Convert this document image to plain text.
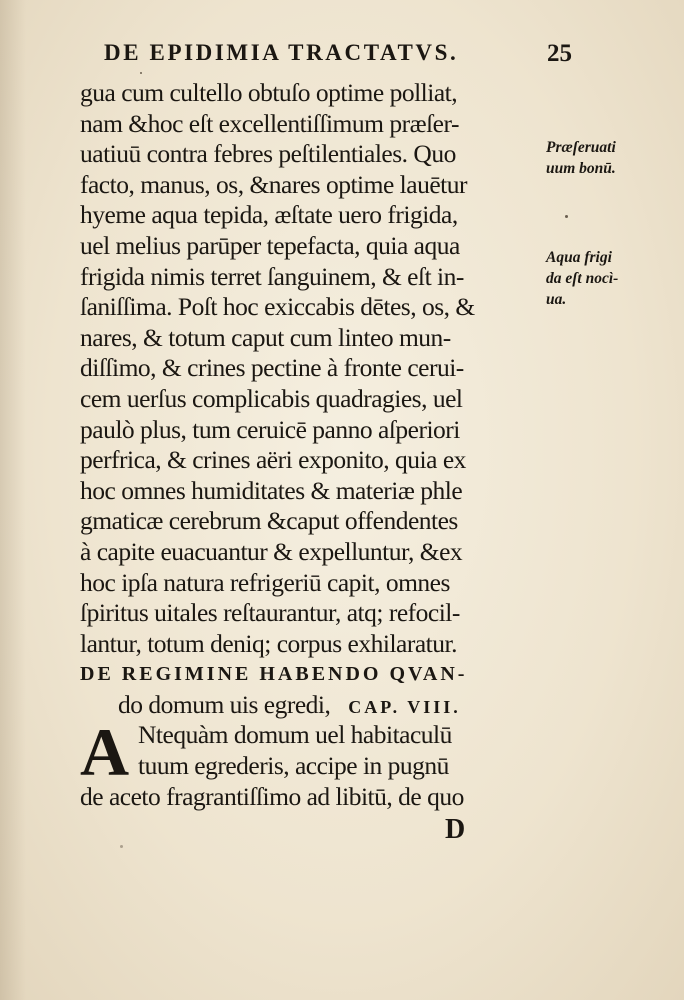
DE EPIDIMIA TRACTATVS.	25
gua cum cultello obtuſo optime polliat,
nam &hoc eſt excellentiſſimum præſer-
uatiuū contra febres peſtilentiales. Quo
facto, manus, os, &nares optime lauētur
hyeme aqua tepida, æſtate uero frigida,
uel melius parūper tepefacta, quia aqua
frigida nimis terret ſanguinem, & eſt in-
ſaniſſima. Poſt hoc exiccabis dētes, os, &
nares, & totum caput cum linteo mun-
diſſimo, & crines pectine à fronte cerui-
cem uerſus complicabis quadragies, uel
paulò plus, tum ceruicē panno aſperiori
perfrica, & crines aëri exponito, quia ex
hoc omnes humiditates & materiæ phle
gmaticæ cerebrum &caput offendentes
à capite euacuantur & expelluntur, &ex
hoc ipſa natura refrigeriū capit, omnes
ſpiritus uitales reſtaurantur, atq; refocil-
lantur, totum deniq; corpus exhilaratur.
DE REGIMINE HABENDO QVAN-
do domum uis egredi, CAP. VIII.
Ntequàm domum uel habitaculū
tuum egrederis, accipe in pugnū
de aceto fragrantiſſimo ad libitū, de quo
A
Præſeruati
uum bonū.
Aqua frigi
da eſt nocì-
ua.
D
